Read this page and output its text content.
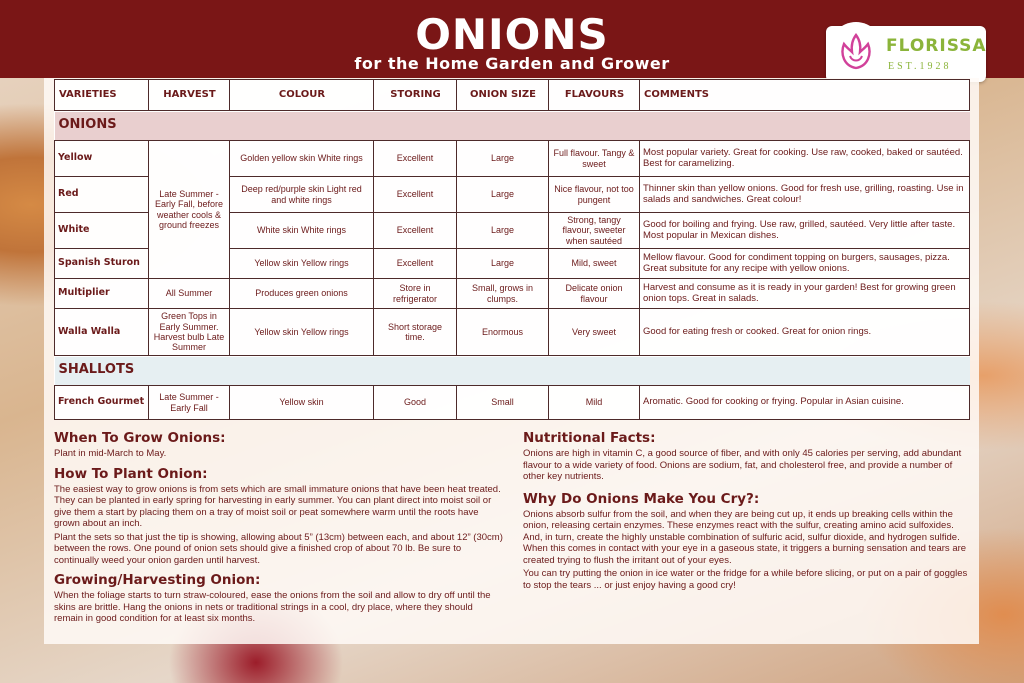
ONIONS
for the Home Garden and Grower
FLORISSA
EST.1928
VARIETIES	HARVEST	COLOUR	STORING	ONION SIZE	FLAVOURS	COMMENTS

ONIONS						

Yellow	Late Summer - Early Fall, before weather cools & ground freezes	Golden yellow skin White rings	Excellent	Large	Full flavour. Tangy & sweet	Most popular variety. Great for cooking. Use raw, cooked, baked or sautéed. Best for caramelizing.
Red		Deep red/purple skin Light red and white rings	Excellent	Large	Nice flavour, not too pungent	Thinner skin than yellow onions. Good for fresh use, grilling, roasting. Use in salads and sandwiches. Great colour!
White		White skin White rings	Excellent	Large	Strong, tangy flavour, sweeter when sautéed	Good for boiling and frying. Use raw, grilled, sautéed. Very little after taste. Most popular in Mexican dishes.
Spanish Sturon		Yellow skin Yellow rings	Excellent	Large	Mild, sweet	Mellow flavour. Good for condiment topping on burgers, sausages, pizza. Great subsitute for any recipe with yellow onions.
Multiplier	All Summer	Produces green onions	Store in refrigerator	Small, grows in clumps.	Delicate onion flavour	Harvest and consume as it is ready in your garden! Best for growing green onion tops. Great in salads.
Walla Walla	Green Tops in Early Summer. Harvest bulb Late Summer	Yellow skin Yellow rings	Short storage time.	Enormous	Very sweet	Good for eating fresh or cooked. Great for onion rings.

SHALLOTS						

French Gourmet	Late Summer - Early Fall	Yellow skin	Good	Small	Mild	Aromatic. Good for cooking or frying. Popular in Asian cuisine.
When To Grow Onions:

Plant in mid-March to May.

How To Plant Onion:

The easiest way to grow onions is from sets which are small immature onions that have been heat treated. They can be planted in early spring for harvesting in early summer. You can plant direct into moist soil or give them a start by placing them on a tray of moist soil or peat somewhere warm until the roots have grown about an inch.

Plant the sets so that just the tip is showing, allowing about 5” (13cm) between each, and about 12” (30cm) between the rows. One pound of onion sets should give a finished crop of about 70 lb. Be sure to continually weed your onion garden until harvest.

Growing/Harvesting Onion:

When the foliage starts to turn straw-coloured, ease the onions from the soil and allow to dry off until the skins are brittle. Hang the onions in nets or traditional strings in a cool, dry place, where they should remain in good condition for at least six months.

Nutritional Facts:

Onions are high in vitamin C, a good source of fiber, and with only 45 calories per serving, add abundant flavour to a wide variety of food. Onions are sodium, fat, and cholesterol free, and provide a number of other key nutrients.

Why Do Onions Make You Cry?:

Onions absorb sulfur from the soil, and when they are being cut up, it ends up breaking cells within the onion, releasing certain enzymes. These enzymes react with the sulfur, creating amino acid sulfoxides. And, in turn, create the highly unstable combination of sulfuric acid, sulfur dioxide, and hydrogen sulfide. When this comes in contact with your eye in a gaseous state, it triggers a burning sensation and tears are created trying to flush the irritant out of your eyes.

You can try putting the onion in ice water or the fridge for a while before slicing, or put on a pair of goggles to stop the tears ... or just enjoy having a good cry!
